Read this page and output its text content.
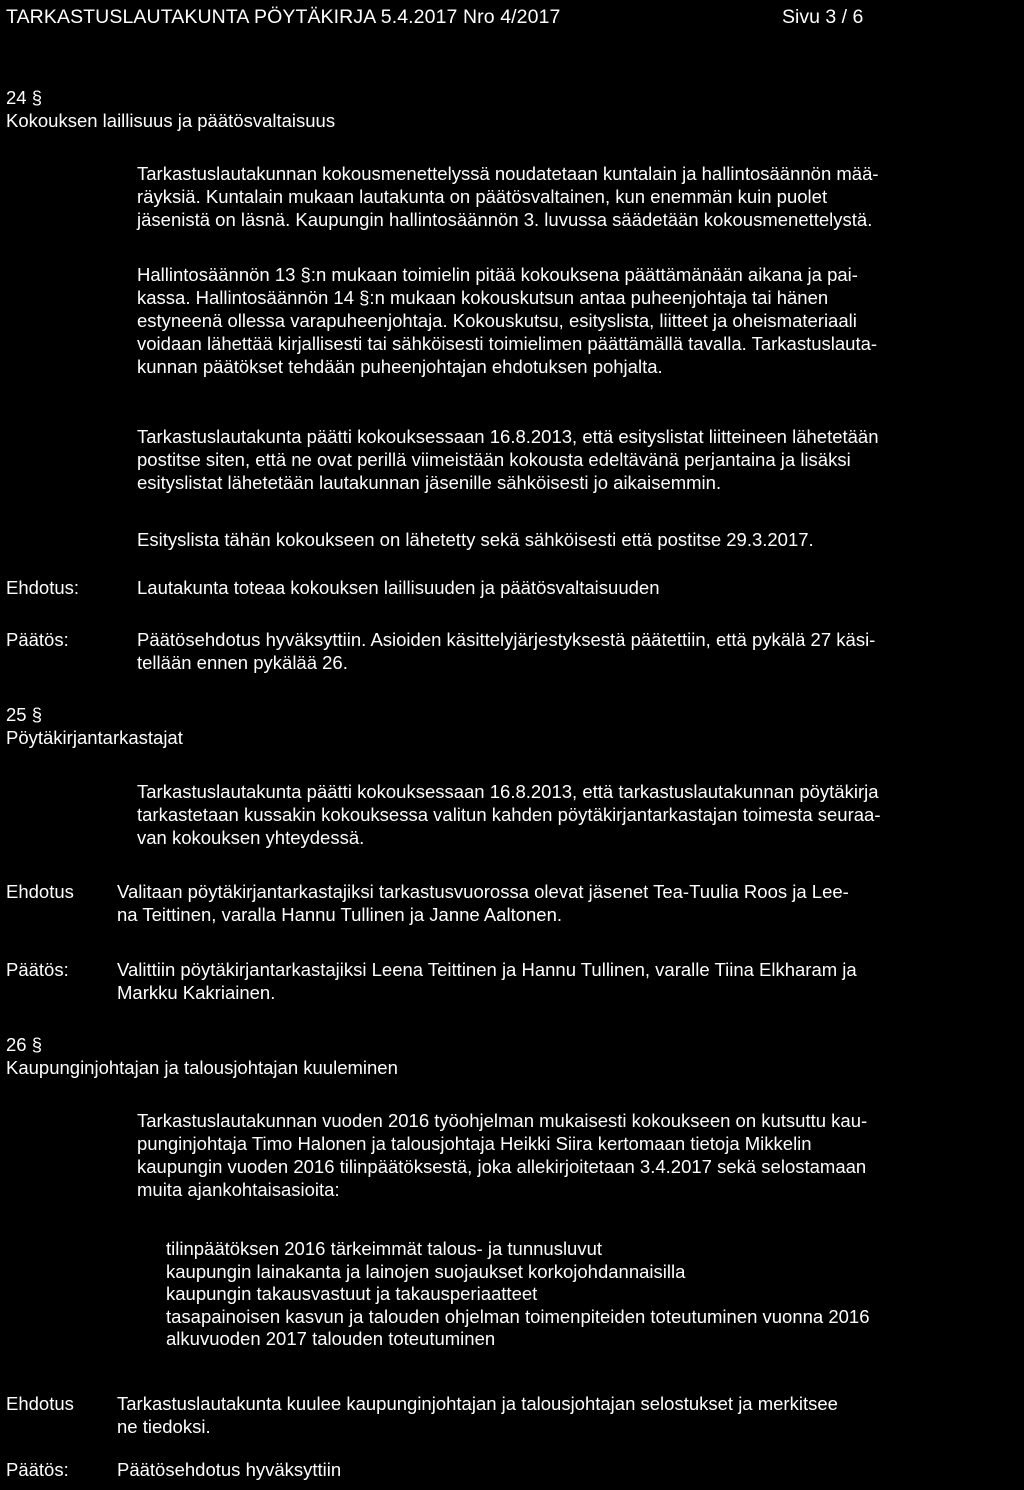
TARKASTUSLAUTAKUNTA PÖYTÄKIRJA 5.4.2017 Nro 4/2017	Sivu 3 / 6
24 §
Kokouksen laillisuus ja päätösvaltaisuus

Tarkastuslautakunnan kokousmenettelyssä noudatetaan kuntalain ja hallintosäännön mää-

räyksiä. Kuntalain mukaan lautakunta on päätösvaltainen, kun enemmän kuin puolet

jäsenistä on läsnä. Kaupungin hallintosäännön 3. luvussa säädetään kokousmenettelystä.

Hallintosäännön 13 §:n mukaan toimielin pitää kokouksena päättämänään aikana ja pai-

kassa. Hallintosäännön 14 §:n mukaan kokouskutsun antaa puheenjohtaja tai hänen

estyneenä ollessa varapuheenjohtaja. Kokouskutsu, esityslista, liitteet ja oheismateriaali

voidaan lähettää kirjallisesti tai sähköisesti toimielimen päättämällä tavalla. Tarkastuslauta-

kunnan päätökset tehdään puheenjohtajan ehdotuksen pohjalta.

Tarkastuslautakunta päätti kokouksessaan 16.8.2013, että esityslistat liitteineen lähetetään

postitse siten, että ne ovat perillä viimeistään kokousta edeltävänä perjantaina ja lisäksi

esityslistat lähetetään lautakunnan jäsenille sähköisesti jo aikaisemmin.

Esityslista tähän kokoukseen on lähetetty sekä sähköisesti että postitse 29.3.2017.

Ehdotus:	Lautakunta toteaa kokouksen laillisuuden ja päätösvaltaisuuden

Päätös:	Päätösehdotus hyväksyttiin. Asioiden käsittelyjärjestyksestä päätettiin, että pykälä 27 käsi-

tellään ennen pykälää 26.

25 §
Pöytäkirjantarkastajat

Tarkastuslautakunta päätti kokouksessaan 16.8.2013, että tarkastuslautakunnan pöytäkirja

tarkastetaan kussakin kokouksessa valitun kahden pöytäkirjantarkastajan toimesta seuraa-

van kokouksen yhteydessä.

Ehdotus Valitaan pöytäkirjantarkastajiksi tarkastusvuorossa olevat jäsenet Tea-Tuulia Roos ja Lee-

na Teittinen, varalla Hannu Tullinen ja Janne Aaltonen.

Päätös:	Valittiin pöytäkirjantarkastajiksi Leena Teittinen ja Hannu Tullinen, varalle Tiina Elkharam ja

Markku Kakriainen.

26 §
Kaupunginjohtajan ja talousjohtajan kuuleminen

Tarkastuslautakunnan vuoden 2016 työohjelman mukaisesti kokoukseen on kutsuttu kau-

punginjohtaja Timo Halonen ja talousjohtaja Heikki Siira kertomaan tietoja Mikkelin

kaupungin vuoden 2016 tilinpäätöksestä, joka allekirjoitetaan 3.4.2017 sekä selostamaan

muita ajankohtaisasioita:

tilinpäätöksen 2016 tärkeimmät talous- ja tunnusluvut
kaupungin lainakanta ja lainojen suojaukset korkojohdannaisilla
kaupungin takausvastuut ja takausperiaatteet
tasapainoisen kasvun ja talouden ohjelman toimenpiteiden toteutuminen vuonna 2016
alkuvuoden 2017 talouden toteutuminen
Ehdotus Tarkastuslautakunta kuulee kaupunginjohtajan ja talousjohtajan selostukset ja merkitsee

ne tiedoksi.

Päätös:	Päätösehdotus hyväksyttiin
